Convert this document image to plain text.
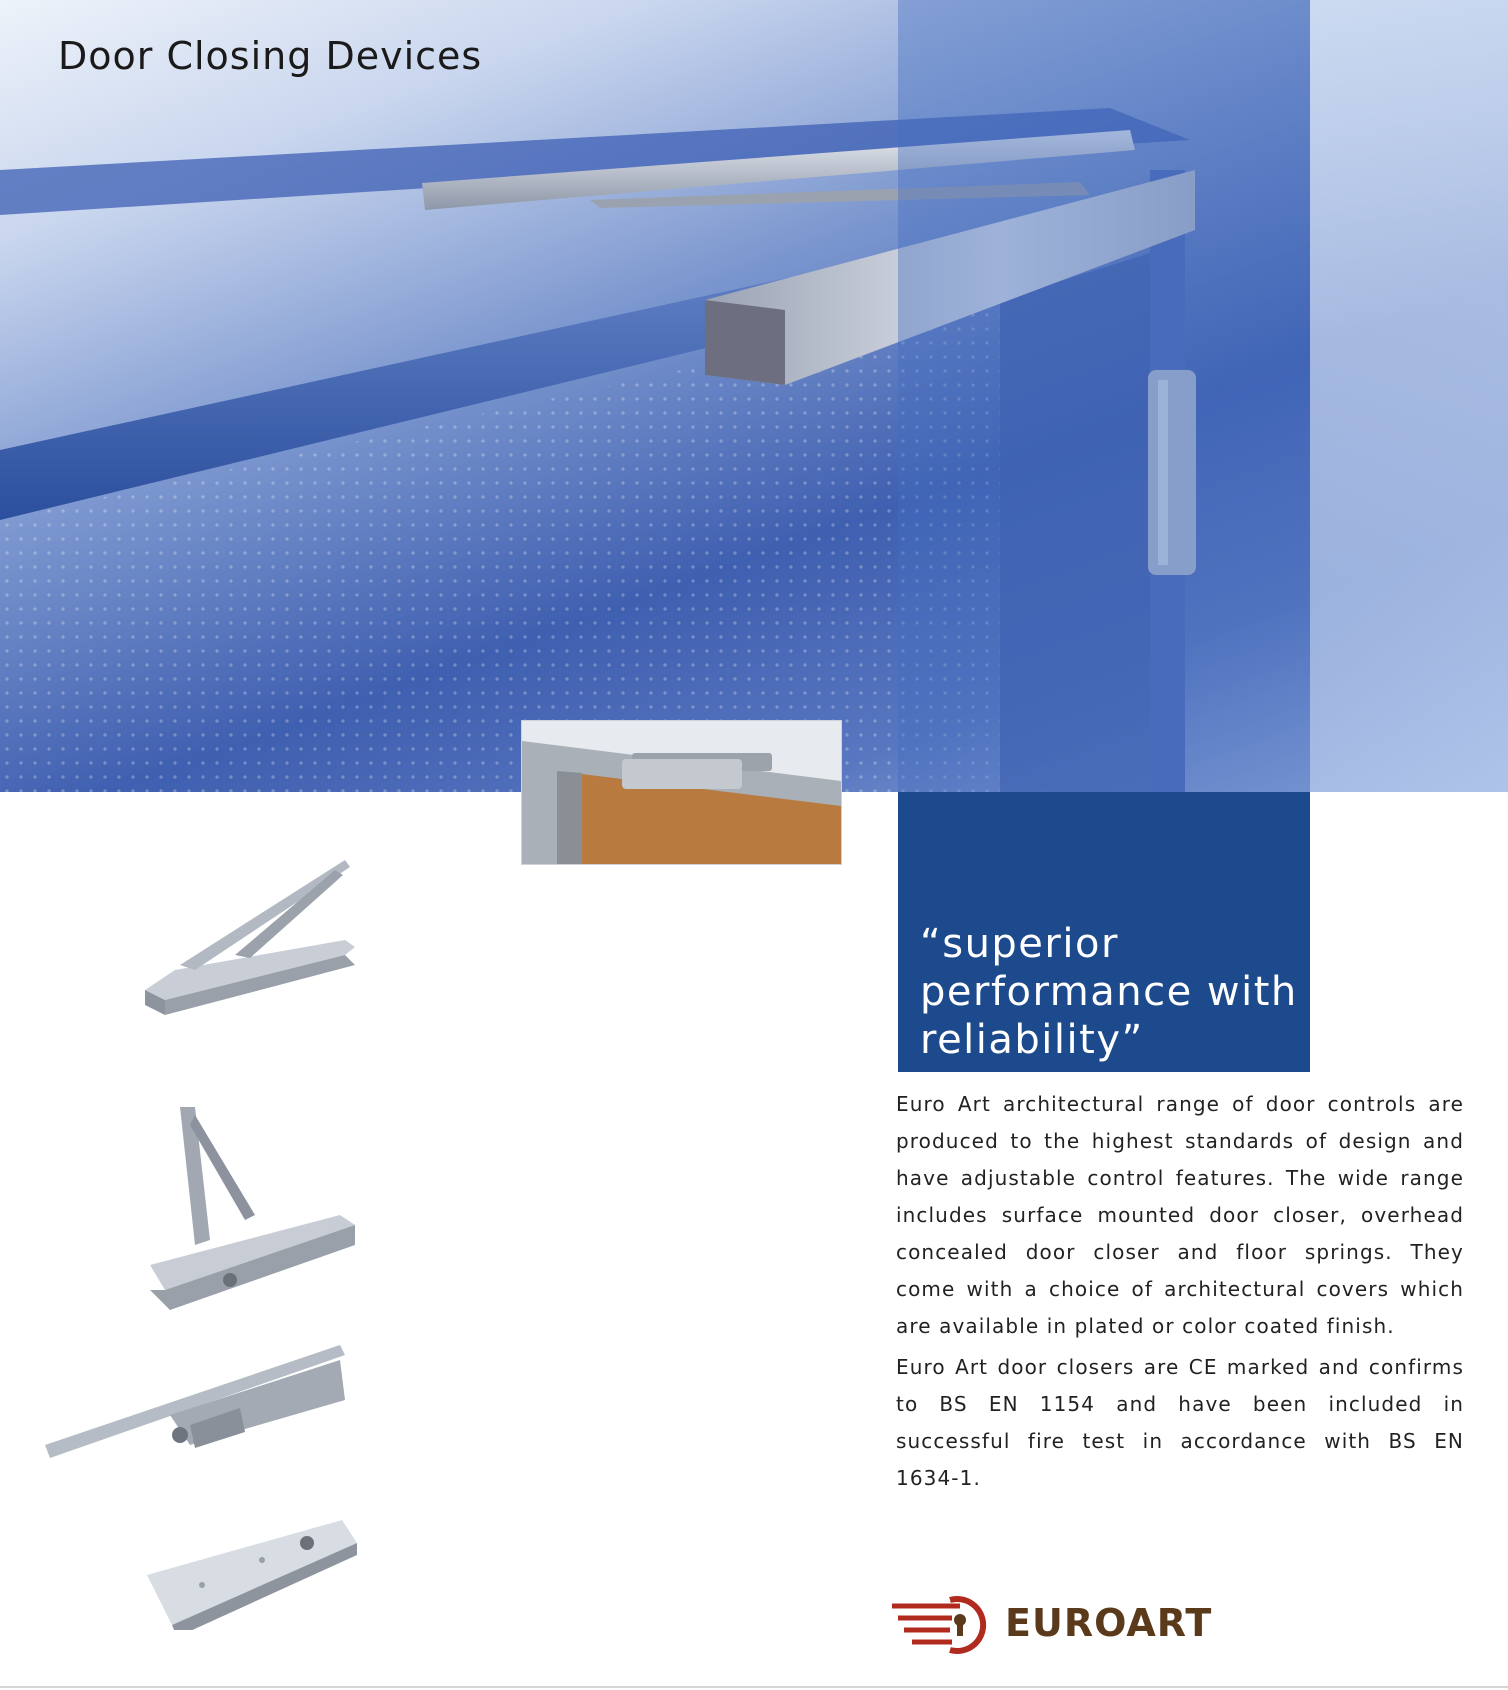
Door Closing Devices
“superior performance with reliability”

Euro Art architectural range of door controls are produced to the highest standards of design and have adjustable control features. The wide range includes surface mounted door closer, overhead concealed door closer and floor springs. They come with a choice of architectural covers which are available in plated or color coated finish.

Euro Art door closers are CE marked and confirms to BS EN 1154 and have been included in successful fire test in accordance with BS EN 1634-1.

EUROART
